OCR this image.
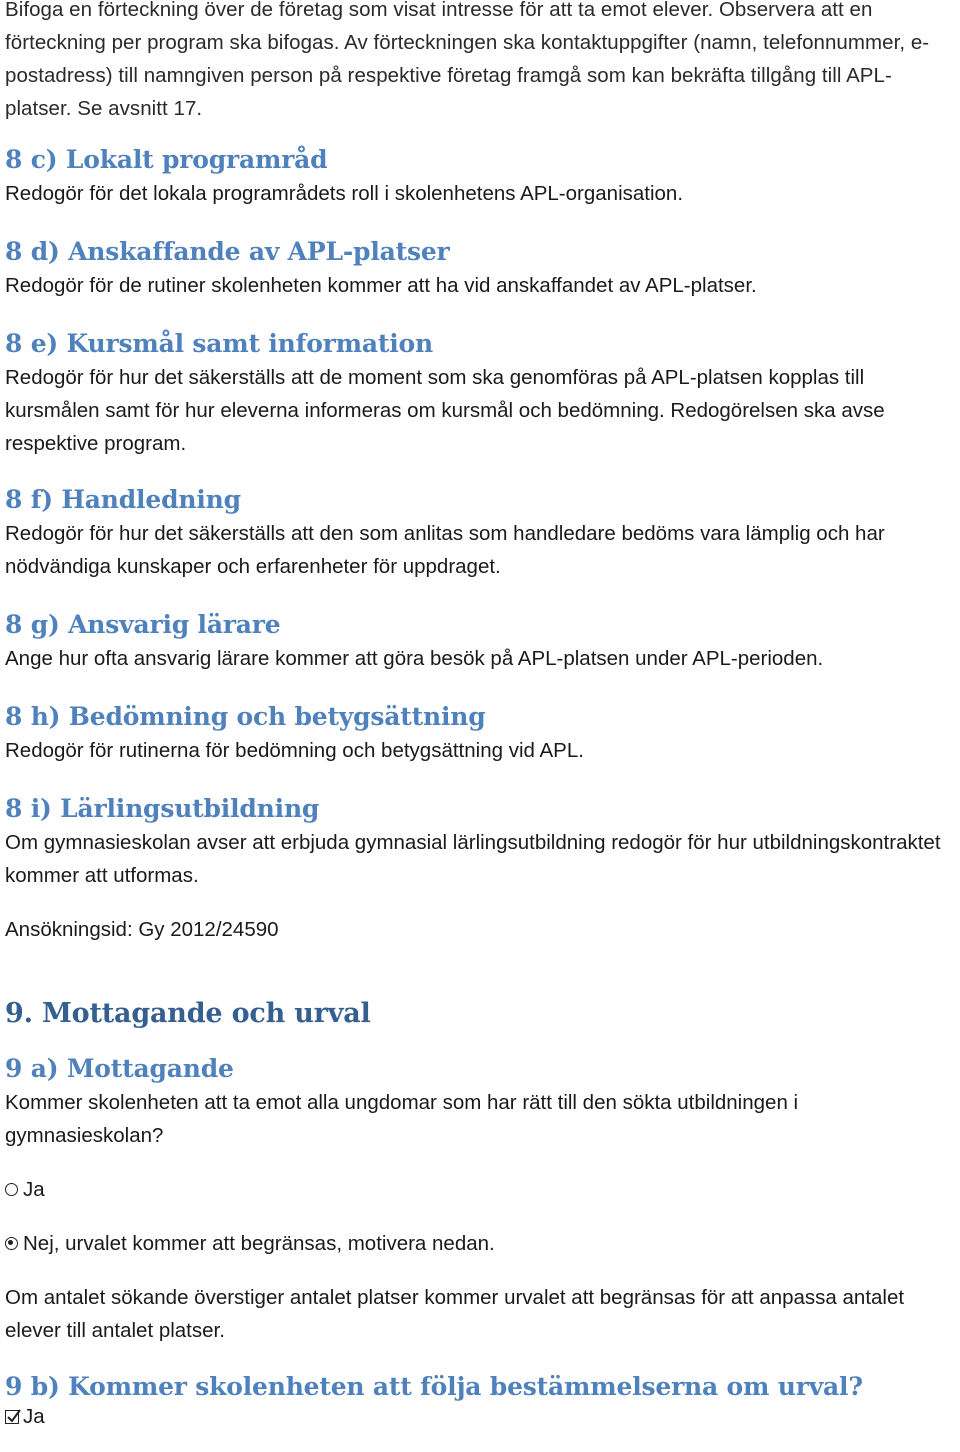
Bifoga en förteckning över de företag som visat intresse för att ta emot elever. Observera att en förteckning per program ska bifogas. Av förteckningen ska kontaktuppgifter (namn, telefonnummer, e-postadress) till namngiven person på respektive företag framgå som kan bekräfta tillgång till APL-platser. Se avsnitt 17.

8 c) Lokalt programråd

Redogör för det lokala programrådets roll i skolenhetens APL-organisation.

8 d) Anskaffande av APL-platser

Redogör för de rutiner skolenheten kommer att ha vid anskaffandet av APL-platser.

8 e) Kursmål samt information

Redogör för hur det säkerställs att de moment som ska genomföras på APL-platsen kopplas till kursmålen samt för hur eleverna informeras om kursmål och bedömning. Redogörelsen ska avse respektive program.

8 f) Handledning

Redogör för hur det säkerställs att den som anlitas som handledare bedöms vara lämplig och har nödvändiga kunskaper och erfarenheter för uppdraget.

8 g) Ansvarig lärare

Ange hur ofta ansvarig lärare kommer att göra besök på APL-platsen under APL-perioden.

8 h) Bedömning och betygsättning

Redogör för rutinerna för bedömning och betygsättning vid APL.

8 i) Lärlingsutbildning

Om gymnasieskolan avser att erbjuda gymnasial lärlingsutbildning redogör för hur utbildningskontraktet kommer att utformas.

Ansökningsid: Gy 2012/24590

9. Mottagande och urval
9 a) Mottagande

Kommer skolenheten att ta emot alla ungdomar som har rätt till den sökta utbildningen i gymnasieskolan?

Ja
Nej, urvalet kommer att begränsas, motivera nedan.

Om antalet sökande överstiger antalet platser kommer urvalet att begränsas för att anpassa antalet elever till antalet platser.

9 b) Kommer skolenheten att följa bestämmelserna om urval?
Ja
